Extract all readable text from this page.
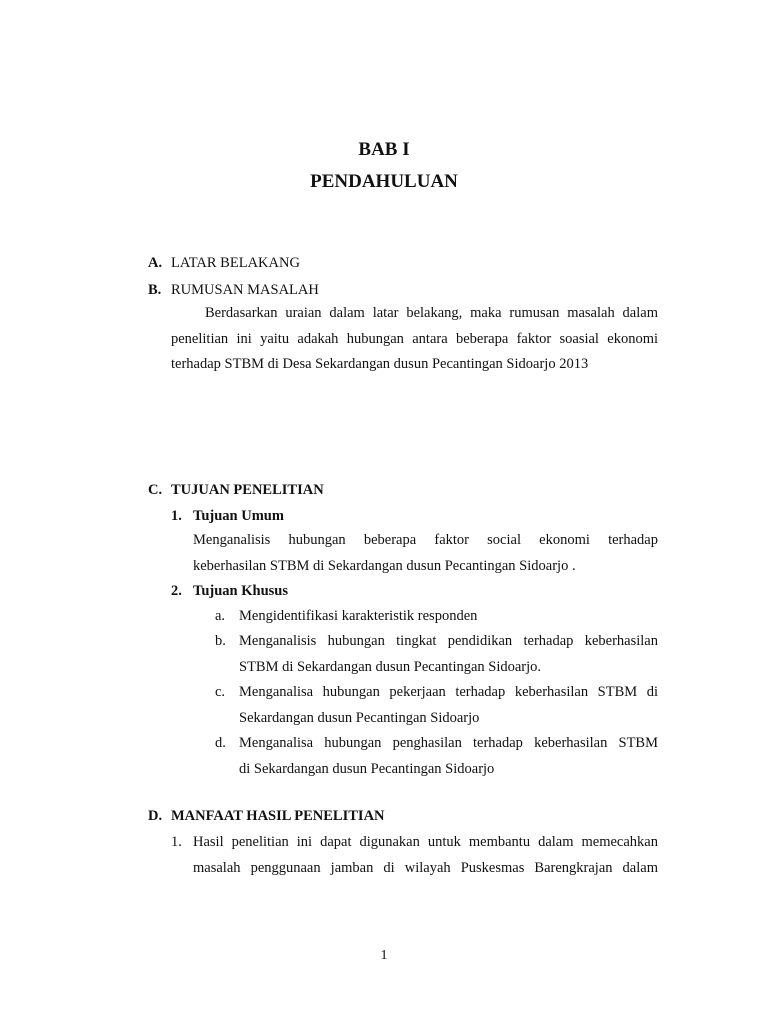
BAB I
PENDAHULUAN
A. LATAR BELAKANG
B. RUMUSAN MASALAH
Berdasarkan uraian dalam latar belakang, maka rumusan masalah dalam
penelitian ini yaitu adakah hubungan antara beberapa faktor soasial ekonomi
terhadap STBM di Desa Sekardangan dusun Pecantingan Sidoarjo 2013
C. TUJUAN PENELITIAN
1. Tujuan Umum
Menganalisis hubungan beberapa faktor social ekonomi terhadap
keberhasilan STBM di Sekardangan dusun Pecantingan Sidoarjo .
2. Tujuan Khusus
a. Mengidentifikasi karakteristik responden
b. Menganalisis hubungan tingkat pendidikan terhadap keberhasilan
STBM di Sekardangan dusun Pecantingan Sidoarjo.
c. Menganalisa hubungan pekerjaan terhadap keberhasilan STBM di
Sekardangan dusun Pecantingan Sidoarjo
d. Menganalisa hubungan penghasilan terhadap keberhasilan STBM
di Sekardangan dusun Pecantingan Sidoarjo
D. MANFAAT HASIL PENELITIAN
1. Hasil penelitian ini dapat digunakan untuk membantu dalam memecahkan
masalah penggunaan jamban di wilayah Puskesmas Barengkrajan dalam
1
